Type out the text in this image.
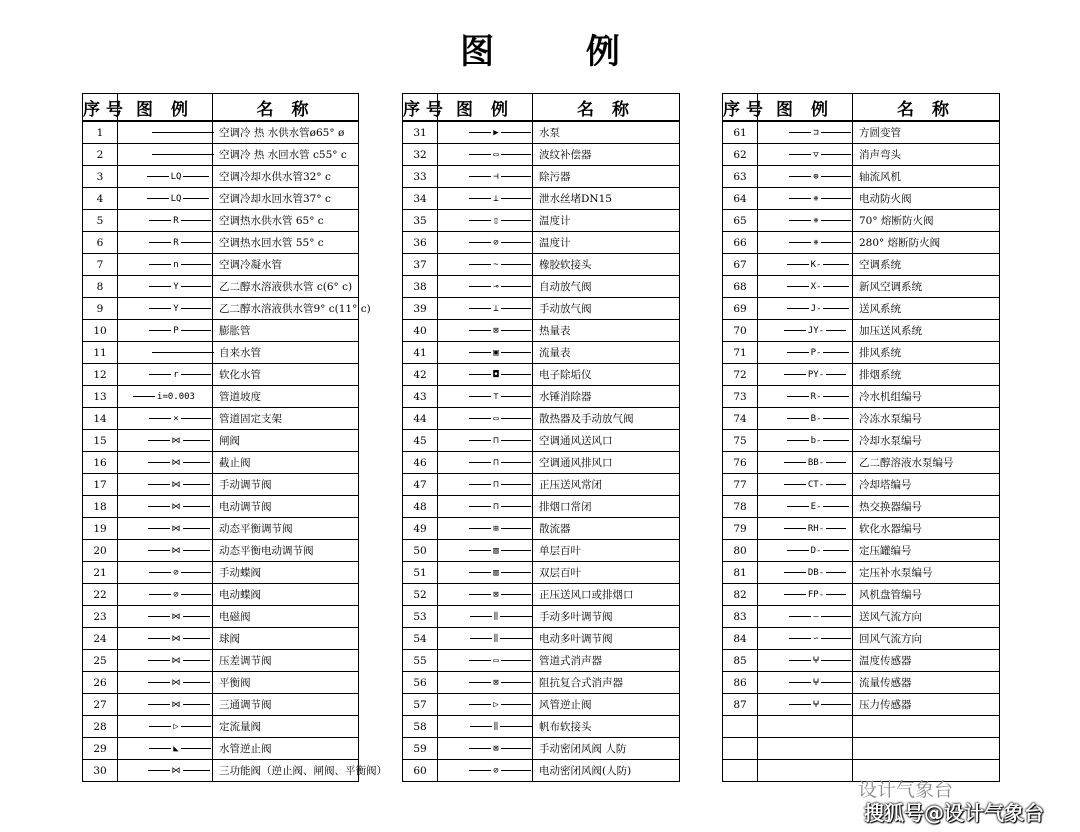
图 例
序号	图 例	名 称
1		空调冷 热 水供水管ø65° ø
2		空调冷 热 水回水管 c55° c
3	LQ	空调冷却水供水管32° c
4	LQ	空调冷却水回水管37° c
5	R	空调热水供水管 65° c
6	R	空调热水回水管 55° c
7	n	空调冷凝水管
8	Y	乙二醇水溶液供水管 c(6° c)
9	Y	乙二醇水溶液供水管9° c(11° c)
10	P	膨胀管
11		自来水管
12	r	软化水管
13	i=0.003	管道坡度
14	×	管道固定支架
15	⋈	闸阀
16	⋈	截止阀
17	⋈	手动调节阀
18	⋈	电动调节阀
19	⋈	动态平衡调节阀
20	⋈	动态平衡电动调节阀
21	⊘	手动蝶阀
22	⊘	电动蝶阀
23	⋈	电磁阀
24	⋈	球阀
25	⋈	压差调节阀
26	⋈	平衡阀
27	⋈	三通调节阀
28	▷	定流量阀
29	◣	水管逆止阀
30	⋈	三功能阀（逆止阀、闸阀、平衡阀）
序号	图 例	名 称
31	▶	水泵
32	▭	波纹补偿器
33	⊣	除污器
34	⊥	泄水丝堵DN15
35	▯	温度计
36	⊘	温度计
37	~	橡胶软接头
38	⊸	自动放气阀
39	⊥	手动放气阀
40	⊠	热量表
41	▣	流量表
42	◘	电子除垢仪
43	⊤	水锤消除器
44	▭	散热器及手动放气阀
45	⊓	空调通风送风口
46	⊓	空调通风排风口
47	⊓	正压送风常闭
48	⊓	排烟口常闭
49	⊞	散流器
50	▥	单层百叶
51	▥	双层百叶
52	⊠	正压送风口或排烟口
53	⫼	手动多叶调节阀
54	⫼	电动多叶调节阀
55	▭	管道式消声器
56	⊠	阻抗复合式消声器
57	▷	风管逆止阀
58	⫼	帆布软接头
59	⊠	手动密闭风阀 人防
60	⊘	电动密闭风阀(人防)
序号	图 例	名 称
61	⊐	方圆变管
62	▽	消声弯头
63	⊕	轴流风机
64	⧺	电动防火阀
65	⧺	70° 熔断防火阀
66	⧺	280° 熔断防火阀
67	K-	空调系统
68	X-	新风空调系统
69	J-	送风系统
70	JY-	加压送风系统
71	P-	排风系统
72	PY-	排烟系统
73	R-	冷水机组编号
74	B-	冷冻水泵编号
75	b-	冷却水泵编号
76	BB-	乙二醇溶液水泵编号
77	CT-	冷却塔编号
78	E-	热交换器编号
79	RH-	软化水器编号
80	D-	定压罐编号
81	DB-	定压补水泵编号
82	FP-	风机盘管编号
83	—	送风气流方向
84	∽	回风气流方向
85	ⵖ	温度传感器
86	ⵖ	流量传感器
87	ⵖ	压力传感器

设计气象台
搜狐号@设计气象台
